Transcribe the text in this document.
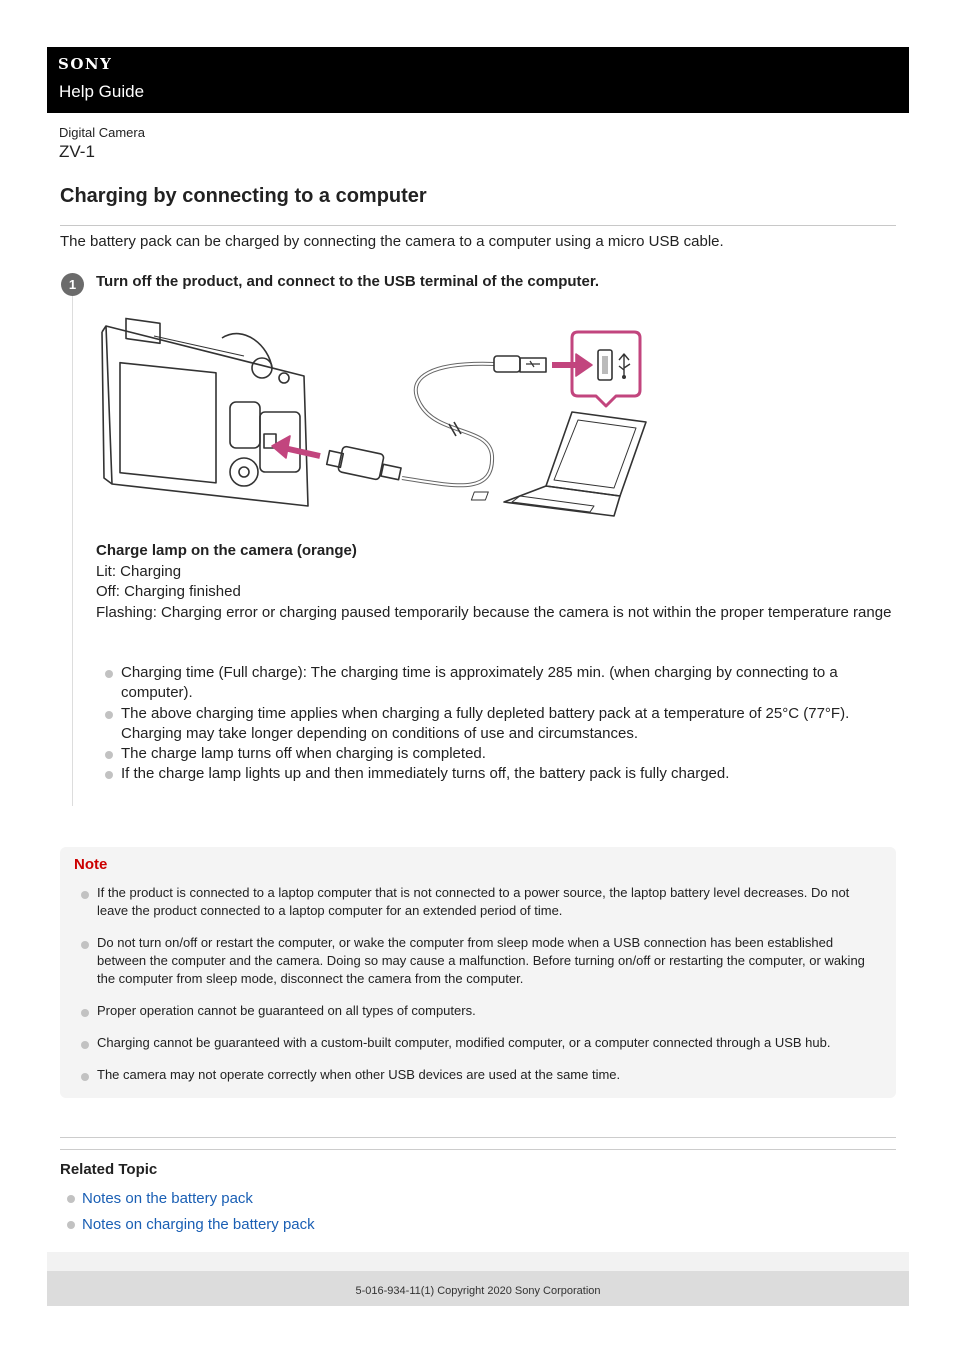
SONY
Help Guide
Digital Camera
ZV-1
Charging by connecting to a computer
The battery pack can be charged by connecting the camera to a computer using a micro USB cable.
1	Turn off the product, and connect to the USB terminal of the computer.
Charge lamp on the camera (orange)
Lit: Charging
Off: Charging finished
Flashing: Charging error or charging paused temporarily because the camera is not within the proper temperature range
Charging time (Full charge): The charging time is approximately 285 min. (when charging by connecting to a computer).
The above charging time applies when charging a fully depleted battery pack at a temperature of 25°C (77°F). Charging may take longer depending on conditions of use and circumstances.
The charge lamp turns off when charging is completed.
If the charge lamp lights up and then immediately turns off, the battery pack is fully charged.
Note
If the product is connected to a laptop computer that is not connected to a power source, the laptop battery level decreases. Do not leave the product connected to a laptop computer for an extended period of time.
Do not turn on/off or restart the computer, or wake the computer from sleep mode when a USB connection has been established between the computer and the camera. Doing so may cause a malfunction. Before turning on/off or restarting the computer, or waking the computer from sleep mode, disconnect the camera from the computer.
Proper operation cannot be guaranteed on all types of computers.
Charging cannot be guaranteed with a custom-built computer, modified computer, or a computer connected through a USB hub.
The camera may not operate correctly when other USB devices are used at the same time.
Related Topic
Notes on the battery pack
Notes on charging the battery pack
5-016-934-11(1) Copyright 2020 Sony Corporation
